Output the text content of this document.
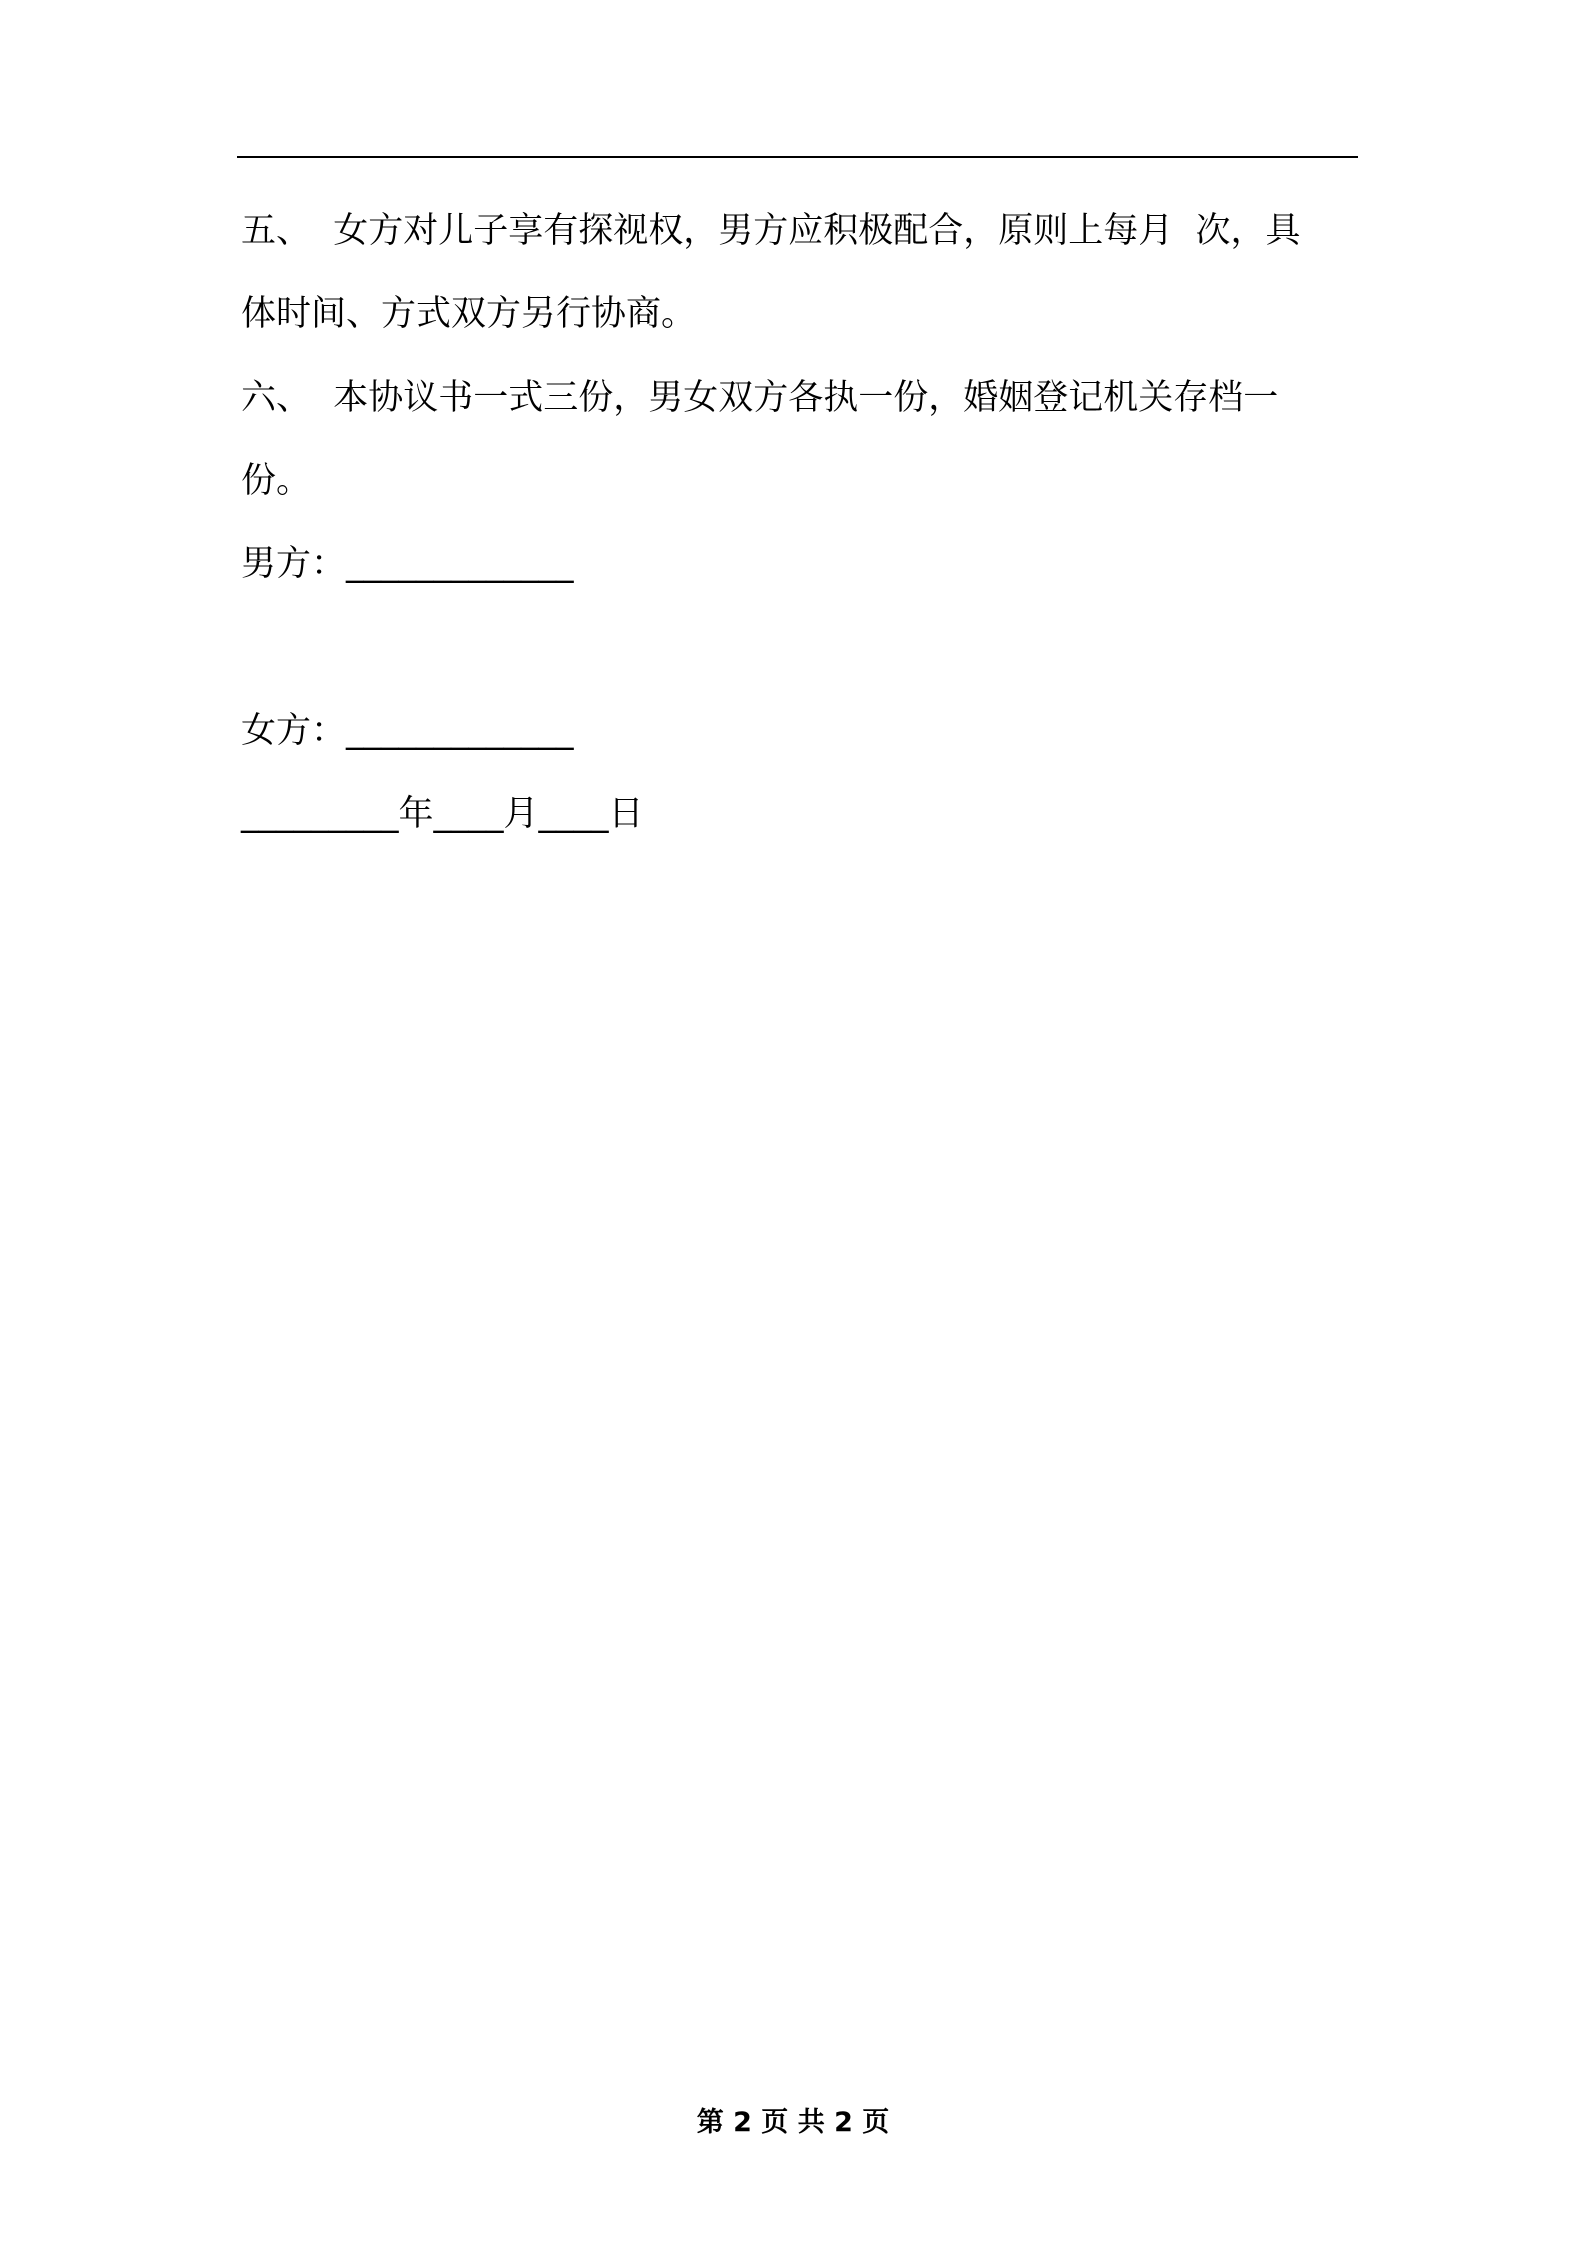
五、  女方对儿子享有探视权，男方应积极配合，原则上每月  次，具
体时间、方式双方另行协商。
六、  本协议书一式三份，男女双方各执一份，婚姻登记机关存档一
份。
男方：_____________
女方：_____________
_________年____月____日
第 2 页 共 2 页
